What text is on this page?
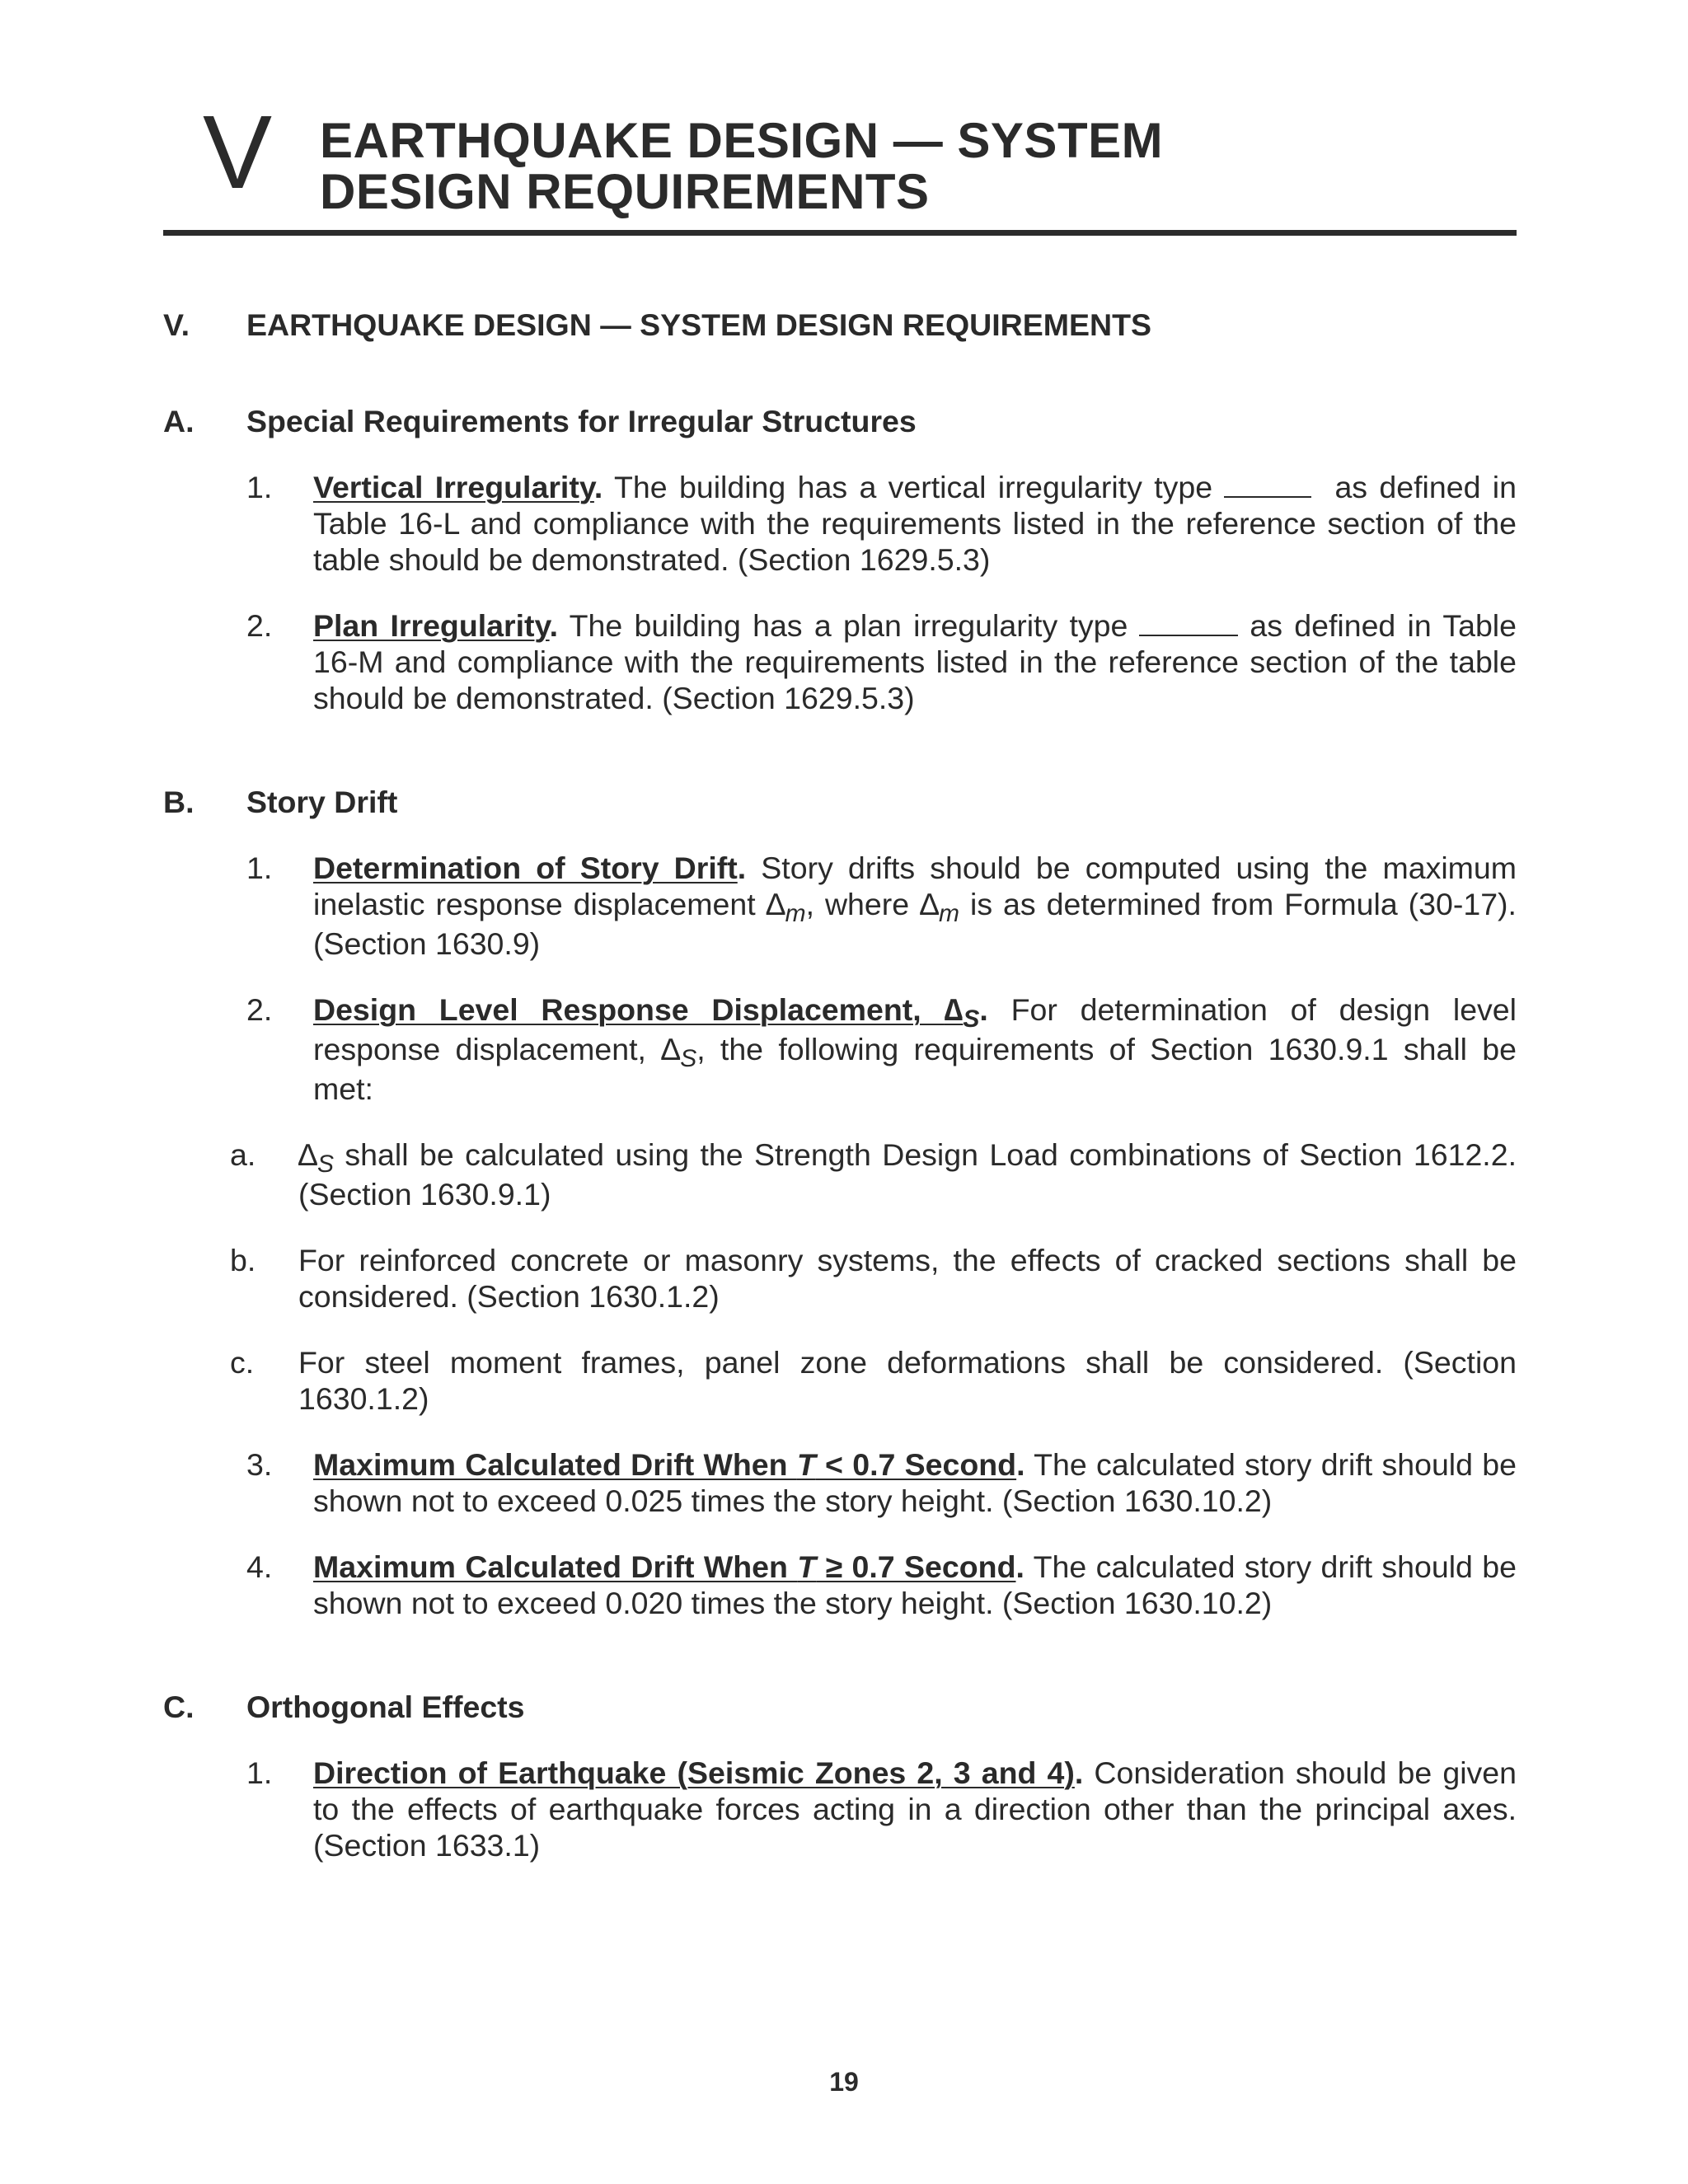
V EARTHQUAKE DESIGN — SYSTEM
DESIGN REQUIREMENTS
V.	EARTHQUAKE DESIGN — SYSTEM DESIGN REQUIREMENTS
A.	Special Requirements for Irregular Structures
1.	Vertical Irregularity. The building has a vertical irregularity type	as defined in Table 16-L and compliance with the requirements listed in the reference section of the table should be demonstrated. (Section 1629.5.3)
2.	Plan Irregularity. The building has a plan irregularity type	as defined in Table 16-M and compliance with the requirements listed in the reference section of the table should be demonstrated. (Section 1629.5.3)
B.	Story Drift
1.	Determination of Story Drift. Story drifts should be computed using the maximum inelastic response displacement $\Delta_m$, where $\Delta_m$ is as determined from Formula (30-17). (Section 1630.9)
2.	Design Level Response Displacement, $\Delta_S$. For determination of design level response displacement, $\Delta_S$, the following requirements of Section 1630.9.1 shall be met:
a.	$\Delta_S$ shall be calculated using the Strength Design Load combinations of Section 1612.2. (Section 1630.9.1)
b.	For reinforced concrete or masonry systems, the effects of cracked sections shall be considered. (Section 1630.1.2)
c.	For steel moment frames, panel zone deformations shall be considered. (Section 1630.1.2)
3.	Maximum Calculated Drift When T < 0.7 Second. The calculated story drift should be shown not to exceed 0.025 times the story height. (Section 1630.10.2)
4.	Maximum Calculated Drift When T ≥ 0.7 Second. The calculated story drift should be shown not to exceed 0.020 times the story height. (Section 1630.10.2)
C.	Orthogonal Effects
1.	Direction of Earthquake (Seismic Zones 2, 3 and 4). Consideration should be given to the effects of earthquake forces acting in a direction other than the principal axes. (Section 1633.1)
19
